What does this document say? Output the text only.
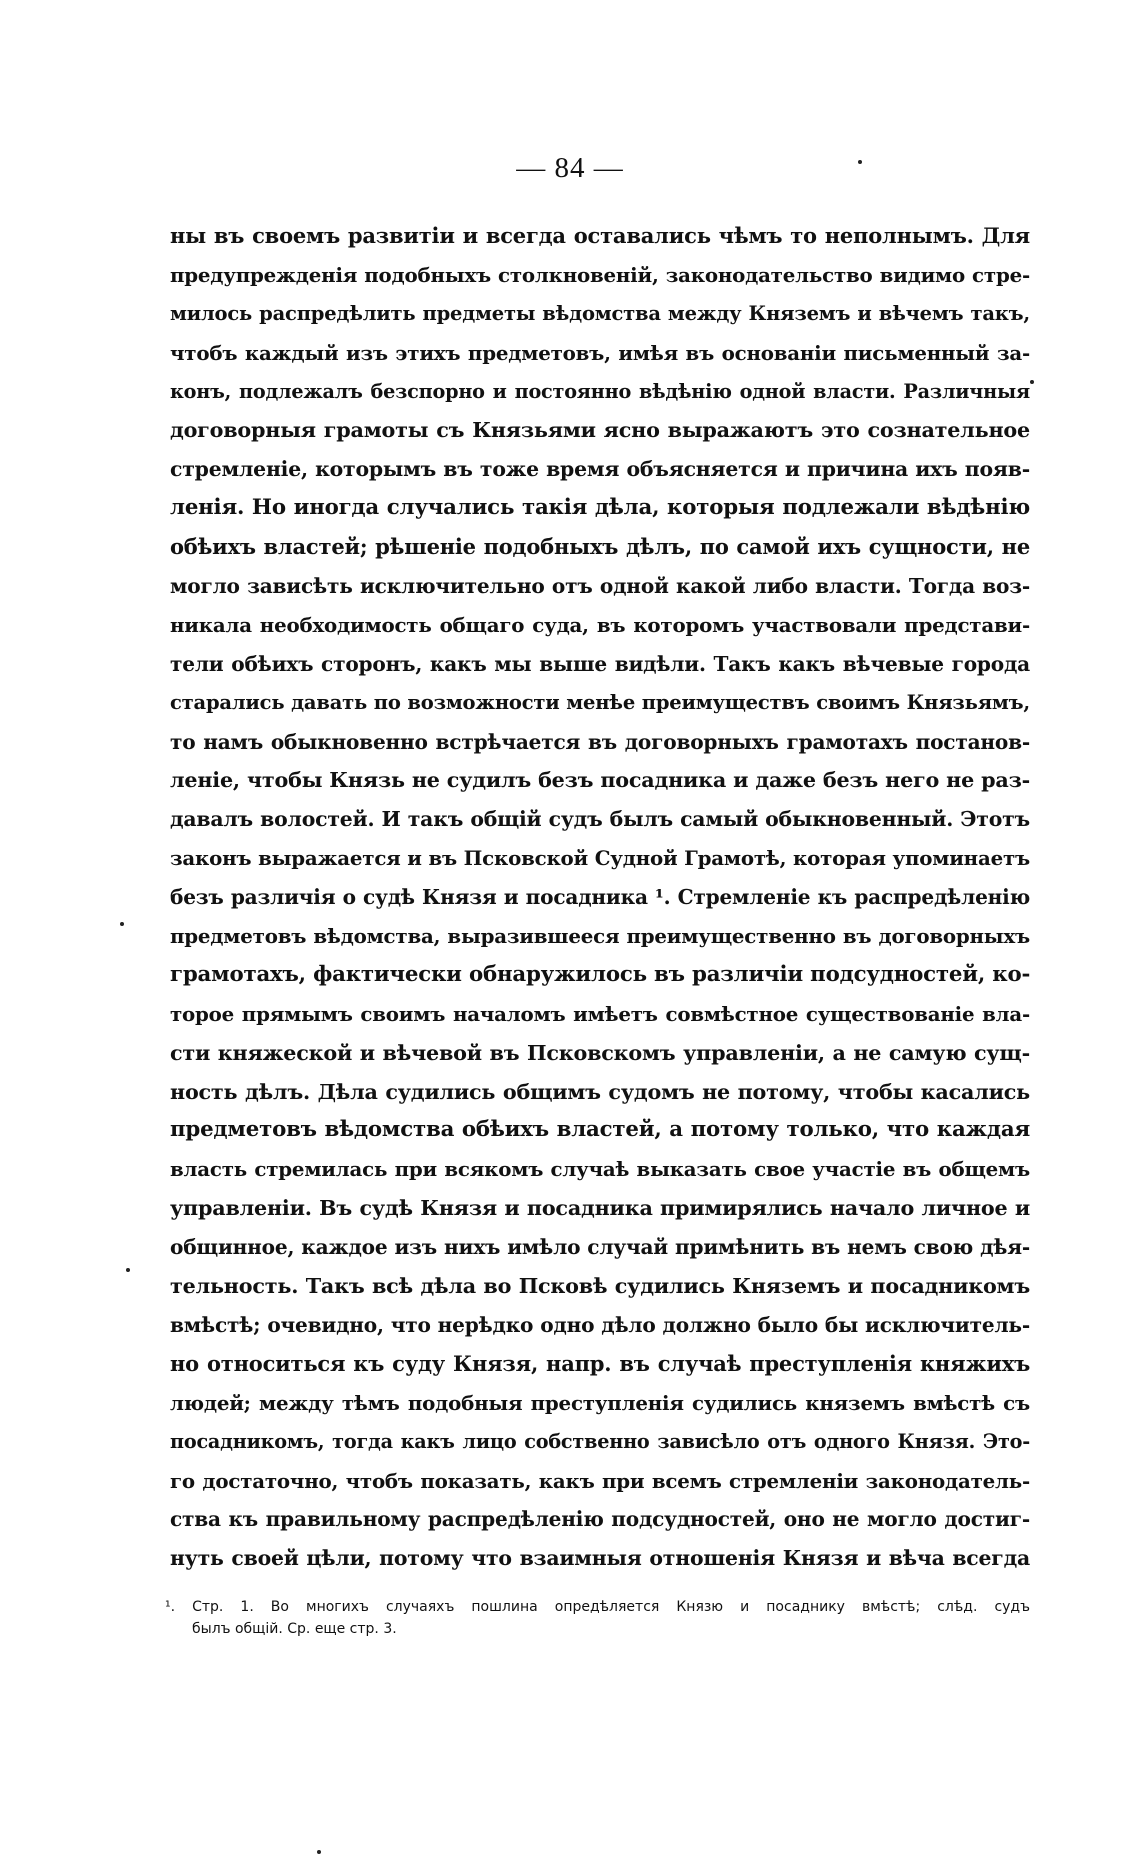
— 84 —
ны въ своемъ развитіи и всегда оставались чѣмъ то неполнымъ. Для
предупрежденія подобныхъ столкновеній, законодательство видимо стре-
милось распредѣлить предметы вѣдомства между Княземъ и вѣчемъ такъ,
чтобъ каждый изъ этихъ предметовъ, имѣя въ основаніи письменный за-
конъ, подлежалъ безспорно и постоянно вѣдѣнію одной власти. Различныя
договорныя грамоты съ Князьями ясно выражаютъ это сознательное
стремленіе, которымъ въ тоже время объясняется и причина ихъ появ-
ленія. Но иногда случались такія дѣла, которыя подлежали вѣдѣнію
обѣихъ властей; рѣшеніе подобныхъ дѣлъ, по самой ихъ сущности, не
могло зависѣть исключительно отъ одной какой либо власти. Тогда воз-
никала необходимость общаго суда, въ которомъ участвовали представи-
тели обѣихъ сторонъ, какъ мы выше видѣли. Такъ какъ вѣчевые города
старались давать по возможности менѣе преимуществъ своимъ Князьямъ,
то намъ обыкновенно встрѣчается въ договорныхъ грамотахъ постанов-
леніе, чтобы Князь не судилъ безъ посадника и даже безъ него не раз-
давалъ волостей. И такъ общій судъ былъ самый обыкновенный. Этотъ
законъ выражается и въ Псковской Судной Грамотѣ, которая упоминаетъ
безъ различія о судѣ Князя и посадника ¹. Стремленіе къ распредѣленію
предметовъ вѣдомства, выразившееся преимущественно въ договорныхъ
грамотахъ, фактически обнаружилось въ различіи подсудностей, ко-
торое прямымъ своимъ началомъ имѣетъ совмѣстное существованіе вла-
сти княжеской и вѣчевой въ Псковскомъ управленіи, а не самую сущ-
ность дѣлъ. Дѣла судились общимъ судомъ не потому, чтобы касались
предметовъ вѣдомства обѣихъ властей, а потому только, что каждая
власть стремилась при всякомъ случаѣ выказать свое участіе въ общемъ
управленіи. Въ судѣ Князя и посадника примирялись начало личное и
общинное, каждое изъ нихъ имѣло случай примѣнить въ немъ свою дѣя-
тельность. Такъ всѣ дѣла во Псковѣ судились Княземъ и посадникомъ
вмѣстѣ; очевидно, что нерѣдко одно дѣло должно было бы исключитель-
но относиться къ суду Князя, напр. въ случаѣ преступленія княжихъ
людей; между тѣмъ подобныя преступленія судились княземъ вмѣстѣ съ
посадникомъ, тогда какъ лицо собственно зависѣло отъ одного Князя. Это-
го достаточно, чтобъ показать, какъ при всемъ стремленіи законодатель-
ства къ правильному распредѣленію подсудностей, оно не могло достиг-
нуть своей цѣли, потому что взаимныя отношенія Князя и вѣча всегда
¹. Стр. 1. Во многихъ случаяхъ пошлина опредѣляется Князю и посаднику вмѣстѣ; слѣд. судъ
былъ общій. Ср. еще стр. 3.
